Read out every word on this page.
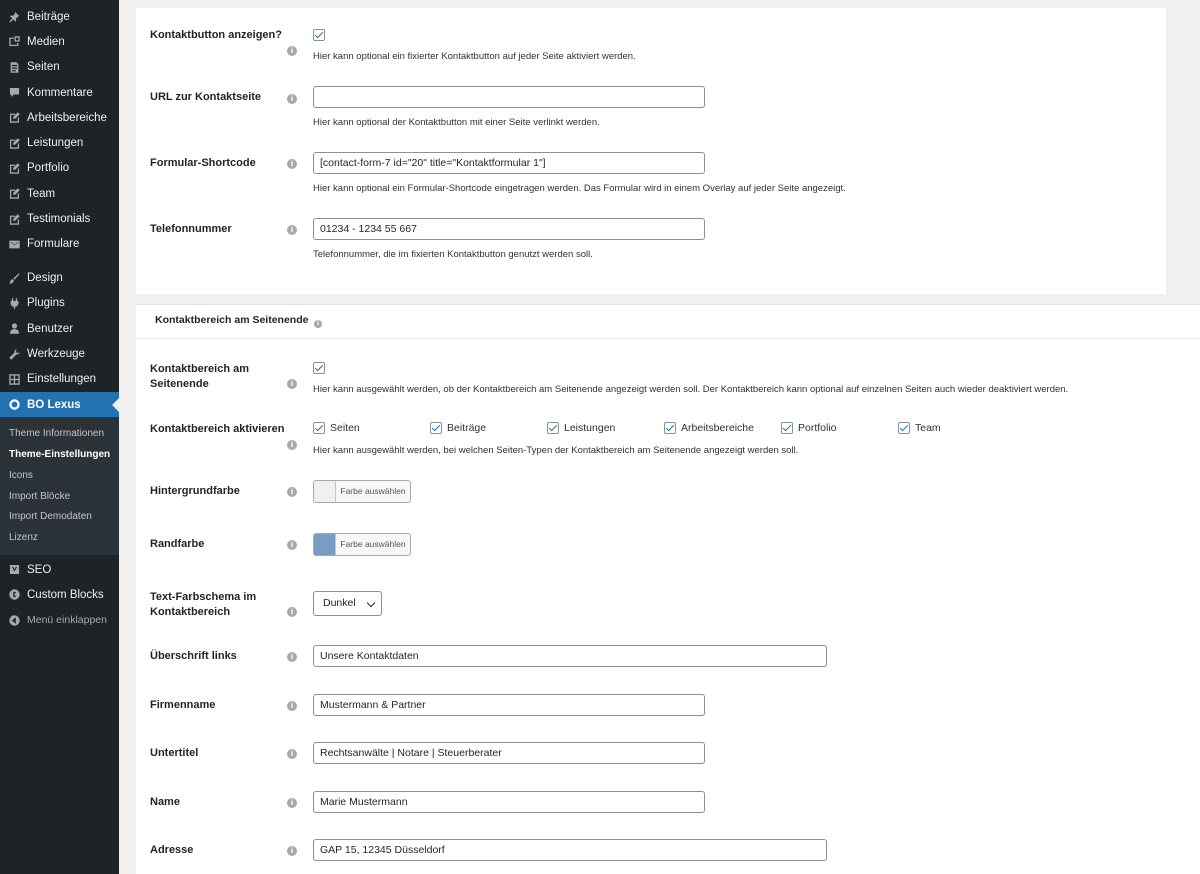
Beiträge
Medien
Seiten
Kommentare
Arbeitsbereiche
Leistungen
Portfolio
Team
Testimonials
Formulare
Design
Plugins
Benutzer
Werkzeuge
Einstellungen
BO Lexus
Theme Informationen
Theme-Einstellungen
Icons
Import Blöcke
Import Demodaten
Lizenz
SEO
Custom Blocks
Menü einklappen
Kontaktbutton anzeigen?
i	Hier kann optional ein fixierter Kontaktbutton auf jeder Seite aktiviert werden.
URL zur Kontaktseite	i
Hier kann optional der Kontaktbutton mit einer Seite verlinkt werden.
Formular-Shortcode	i	[contact-form-7 id="20" title="Kontaktformular 1"]
Hier kann optional ein Formular-Shortcode eingetragen werden. Das Formular wird in einem Overlay auf jeder Seite angezeigt.
Telefonnummer	i	01234 - 1234 55 667
Telefonnummer, die im fixierten Kontaktbutton genutzt werden soll.
Kontaktbereich am Seitenende	i
Kontaktbereich am
Seitenende	i	Hier kann ausgewählt werden, ob der Kontaktbereich am Seitenende angezeigt werden soll. Der Kontaktbereich kann optional auf einzelnen Seiten auch wieder deaktiviert werden.
Kontaktbereich aktivieren
i
Seiten	Beiträge	Leistungen	Arbeitsbereiche	Portfolio	Team
Hier kann ausgewählt werden, bei welchen Seiten-Typen der Kontaktbereich am Seitenende angezeigt werden soll.
Hintergrundfarbe	i	Farbe auswählen
Randfarbe	i	Farbe auswählen
Text-Farbschema im
Kontaktbereich	i
Dunkel
Überschrift links	i	Unsere Kontaktdaten
Firmenname	i	Mustermann & Partner
Untertitel	i	Rechtsanwälte | Notare | Steuerberater
Name	i	Marie Mustermann
Adresse	i	GAP 15, 12345 Düsseldorf
